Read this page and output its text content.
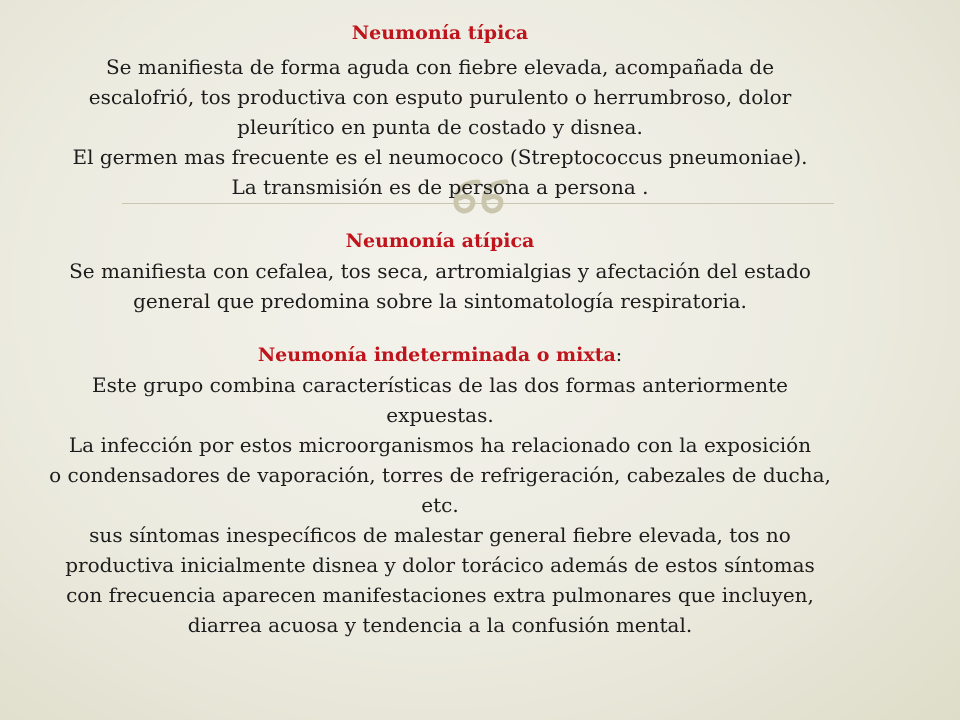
Neumonía típica
Se manifiesta de forma aguda con fiebre elevada, acompañada de
escalofrió, tos productiva con esputo purulento o herrumbroso, dolor
pleurítico en punta de costado y disnea.
El germen mas frecuente es el neumococo (Streptococcus pneumoniae).
La transmisión es de persona a persona .
Neumonía atípica
Se manifiesta con cefalea, tos seca, artromialgias y afectación del estado
general que predomina sobre la sintomatología respiratoria.
Neumonía indeterminada o mixta:
Este grupo combina características de las dos formas anteriormente
expuestas.
La infección por estos microorganismos ha relacionado con la exposición
o condensadores de vaporación, torres de refrigeración, cabezales de ducha,
etc.
sus síntomas inespecíficos de malestar general fiebre elevada, tos no
productiva inicialmente disnea y dolor torácico además de estos síntomas
con frecuencia aparecen manifestaciones extra pulmonares que incluyen,
diarrea acuosa y tendencia a la confusión mental.
